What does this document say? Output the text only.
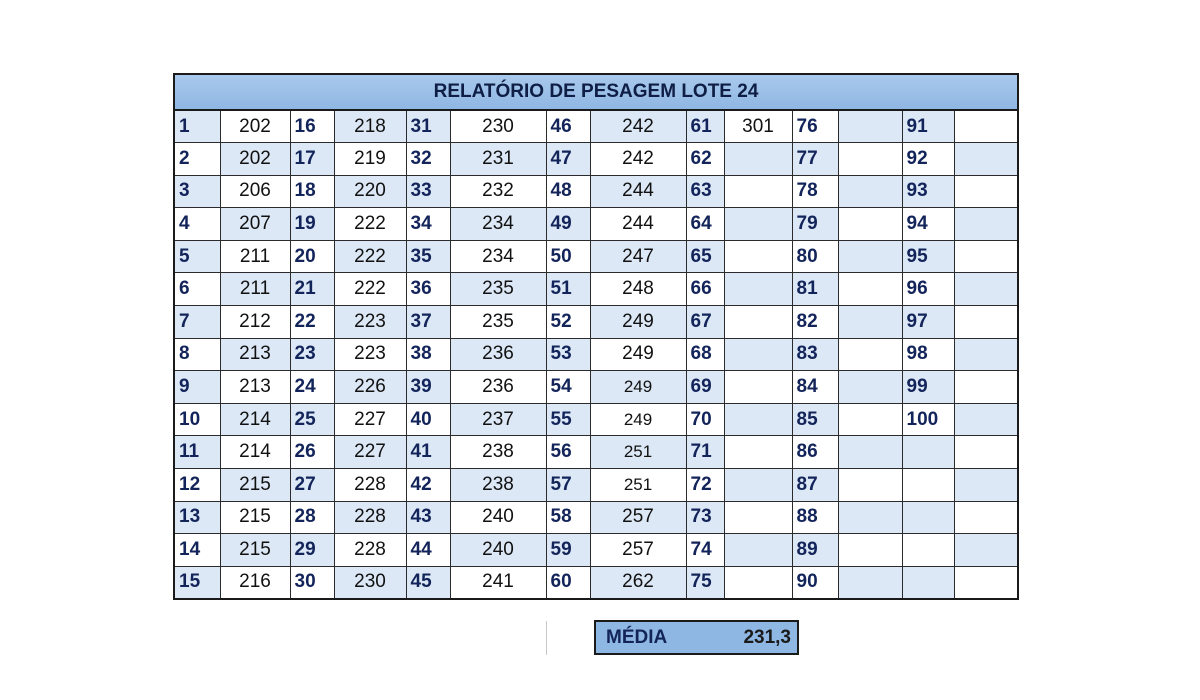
RELATÓRIO DE PESAGEM LOTE 24													
1	202	16	218	31	230	46	242	61	301	76		91	
2	202	17	219	32	231	47	242	62		77		92	
3	206	18	220	33	232	48	244	63		78		93	
4	207	19	222	34	234	49	244	64		79		94	
5	211	20	222	35	234	50	247	65		80		95	
6	211	21	222	36	235	51	248	66		81		96	
7	212	22	223	37	235	52	249	67		82		97	
8	213	23	223	38	236	53	249	68		83		98	
9	213	24	226	39	236	54	249	69		84		99	
10	214	25	227	40	237	55	249	70		85		100	
11	214	26	227	41	238	56	251	71		86			
12	215	27	228	42	238	57	251	72		87			
13	215	28	228	43	240	58	257	73		88			
14	215	29	228	44	240	59	257	74		89			
15	216	30	230	45	241	60	262	75		90			
MÉDIA	231,3
